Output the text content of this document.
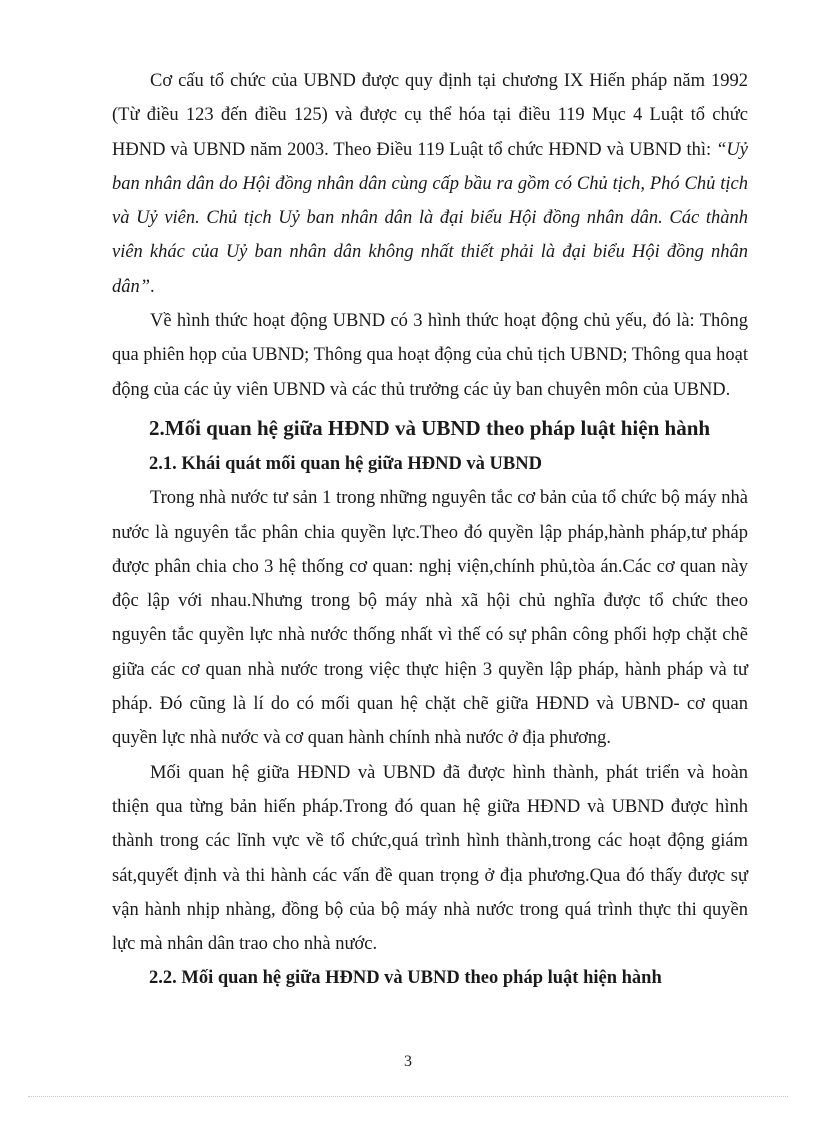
Cơ cấu tổ chức của UBND được quy định tại chương IX Hiến pháp năm 1992 (Từ điều 123 đến điều 125) và được cụ thể hóa tại điều 119 Mục 4 Luật tổ chức HĐND và UBND năm 2003. Theo Điều 119 Luật tổ chức HĐND và UBND thì: “Uỷ ban nhân dân do Hội đồng nhân dân cùng cấp bầu ra gồm có Chủ tịch, Phó Chủ tịch và Uỷ viên. Chủ tịch Uỷ ban nhân dân là đại biểu Hội đồng nhân dân. Các thành viên khác của Uỷ ban nhân dân không nhất thiết phải là đại biểu Hội đồng nhân dân”.

Về hình thức hoạt động UBND có 3 hình thức hoạt động chủ yếu, đó là: Thông qua phiên họp của UBND; Thông qua hoạt động của chủ tịch UBND; Thông qua hoạt động của các ủy viên UBND và các thủ trưởng các ủy ban chuyên môn của UBND.

2.Mối quan hệ giữa HĐND và UBND theo pháp luật hiện hành
2.1. Khái quát mối quan hệ giữa HĐND và UBND

Trong nhà nước tư sản 1 trong những nguyên tắc cơ bản của tổ chức bộ máy nhà nước là nguyên tắc phân chia quyền lực.Theo đó quyền lập pháp,hành pháp,tư pháp được phân chia cho 3 hệ thống cơ quan: nghị viện,chính phủ,tòa án.Các cơ quan này độc lập với nhau.Nhưng trong bộ máy nhà xã hội chủ nghĩa được tổ chức theo nguyên tắc quyền lực nhà nước thống nhất vì thế có sự phân công phối hợp chặt chẽ giữa các cơ quan nhà nước trong việc thực hiện 3 quyền lập pháp, hành pháp và tư pháp. Đó cũng là lí do có mối quan hệ chặt chẽ giữa HĐND và UBND- cơ quan quyền lực nhà nước và cơ quan hành chính nhà nước ở địa phương.

Mối quan hệ giữa HĐND và UBND đã được hình thành, phát triển và hoàn thiện qua từng bản hiến pháp.Trong đó quan hệ giữa HĐND và UBND được hình thành trong các lĩnh vực về tổ chức,quá trình hình thành,trong các hoạt động giám sát,quyết định và thi hành các vấn đề quan trọng ở địa phương.Qua đó thấy được sự vận hành nhịp nhàng, đồng bộ của bộ máy nhà nước trong quá trình thực thi quyền lực mà nhân dân trao cho nhà nước.

2.2. Mối quan hệ giữa HĐND và UBND theo pháp luật hiện hành
3
